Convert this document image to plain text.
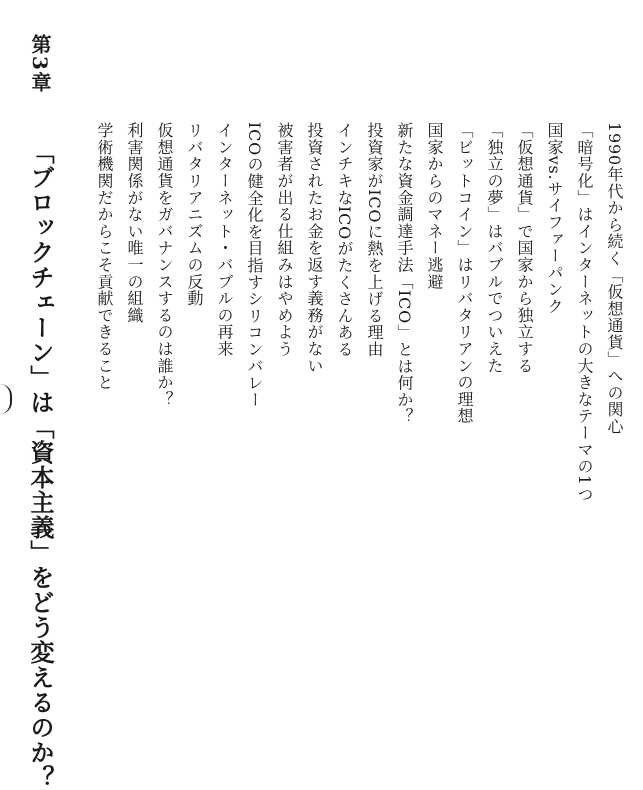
第3章
「ブロックチェーン」は「資本主義」をどう変えるのか？	1990年代から続く「仮想通貨」への関心
「暗号化」はインターネットの大きなテーマの1つ
国家vs.サイファーパンク
「仮想通貨」で国家から独立する
「独立の夢」はバブルでついえた
「ビットコイン」はリバタリアンの理想
国家からのマネー逃避
新たな資金調達手法「ICO」とは何か？
投資家がICOに熱を上げる理由
インチキなICOがたくさんある
投資されたお金を返す義務がない
被害者が出る仕組みはやめよう
ICOの健全化を目指すシリコンバレー
インターネット・バブルの再来
リバタリアニズムの反動
仮想通貨をガバナンスするのは誰か？
利害関係がない唯一の組織
学術機関だからこそ貢献できること
